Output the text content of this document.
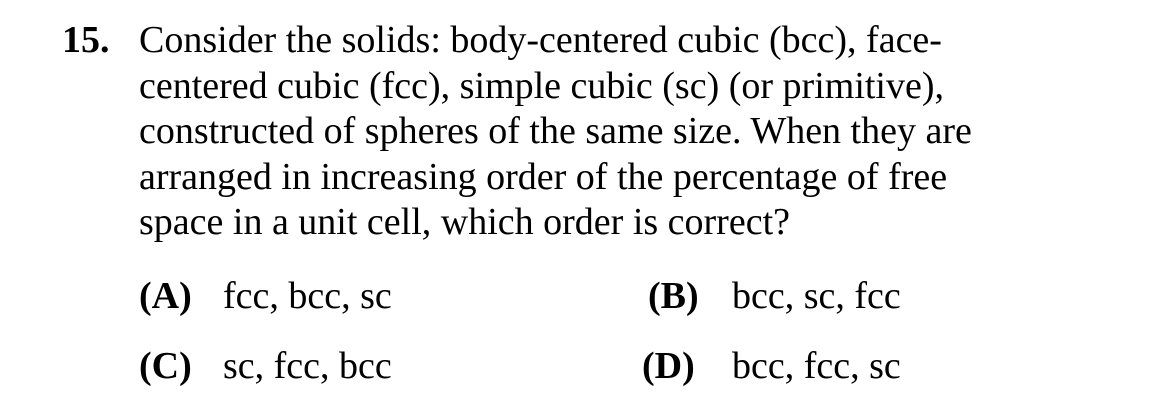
15. Consider the solids: body-centered cubic (bcc), face-
centered cubic (fcc), simple cubic (sc) (or primitive),
constructed of spheres of the same size. When they are
arranged in increasing order of the percentage of free
space in a unit cell, which order is correct?
(A) fcc, bcc, sc	(B) bcc, sc, fcc
(C) sc, fcc, bcc	(D) bcc, fcc, sc
